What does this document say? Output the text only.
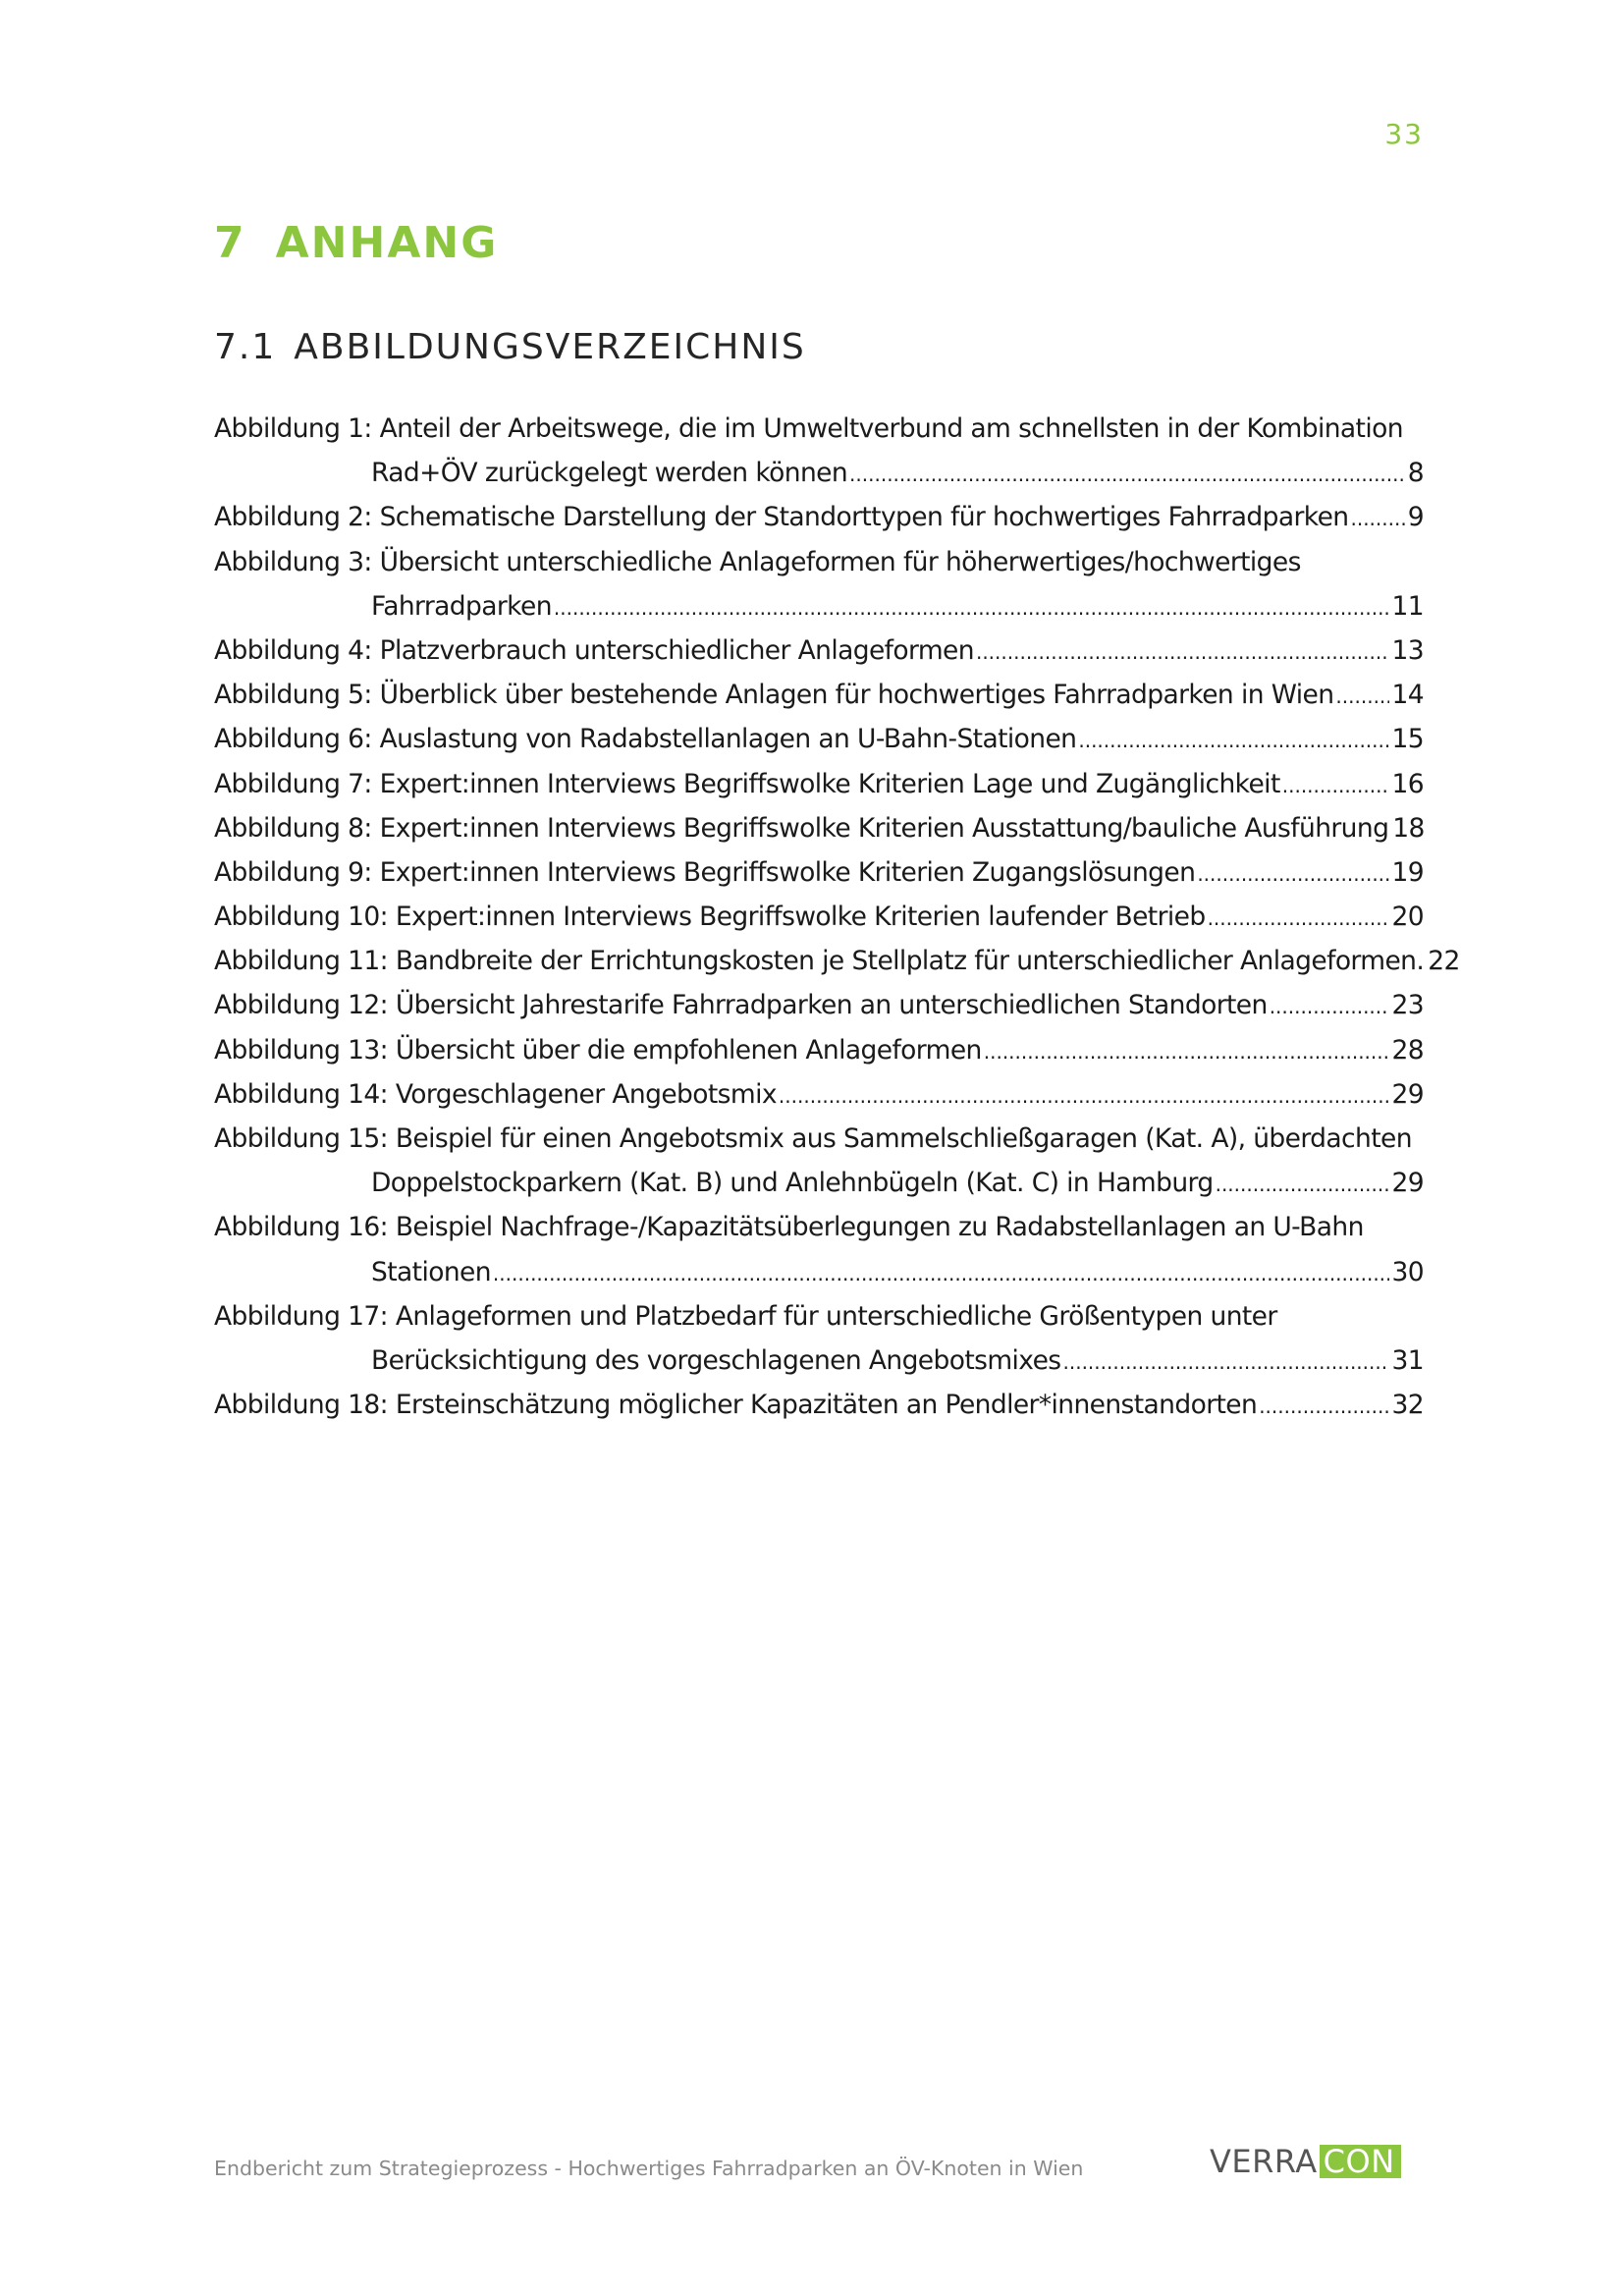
33
7 ANHANG
7.1 ABBILDUNGSVERZEICHNIS
Abbildung 1: Anteil der Arbeitswege, die im Umweltverbund am schnellsten in der Kombination
Rad+ÖV zurückgelegt werden können .....	8
Abbildung 2: Schematische Darstellung der Standorttypen für hochwertiges Fahrradparken ..... 9
Abbildung 3: Übersicht unterschiedliche Anlageformen für höherwertiges/hochwertiges
Fahrradparken .....	11
Abbildung 4: Platzverbrauch unterschiedlicher Anlageformen .....	13
Abbildung 5: Überblick über bestehende Anlagen für hochwertiges Fahrradparken in Wien ..... 14
Abbildung 6: Auslastung von Radabstellanlagen an U-Bahn-Stationen .....	15
Abbildung 7: Expert:innen Interviews Begriffswolke Kriterien Lage und Zugänglichkeit .....	16
Abbildung 8: Expert:innen Interviews Begriffswolke Kriterien Ausstattung/bauliche Ausführung 18
Abbildung 9: Expert:innen Interviews Begriffswolke Kriterien Zugangslösungen .....	19
Abbildung 10: Expert:innen Interviews Begriffswolke Kriterien laufender Betrieb .....	20
Abbildung 11: Bandbreite der Errichtungskosten je Stellplatz für unterschiedlicher Anlageformen. 22
Abbildung 12: Übersicht Jahrestarife Fahrradparken an unterschiedlichen Standorten .....	23
Abbildung 13: Übersicht über die empfohlenen Anlageformen .....	28
Abbildung 14: Vorgeschlagener Angebotsmix .....	29
Abbildung 15: Beispiel für einen Angebotsmix aus Sammelschließgaragen (Kat. A), überdachten
Doppelstockparkern (Kat. B) und Anlehnbügeln (Kat. C) in Hamburg .....	29
Abbildung 16: Beispiel Nachfrage-/Kapazitätsüberlegungen zu Radabstellanlagen an U-Bahn
Stationen .....	30
Abbildung 17: Anlageformen und Platzbedarf für unterschiedliche Größentypen unter
Berücksichtigung des vorgeschlagenen Angebotsmixes .....	31
Abbildung 18: Ersteinschätzung möglicher Kapazitäten an Pendler*innenstandorten .....	32
Endbericht zum Strategieprozess - Hochwertiges Fahrradparken an ÖV-Knoten in Wien	VERRA CON
